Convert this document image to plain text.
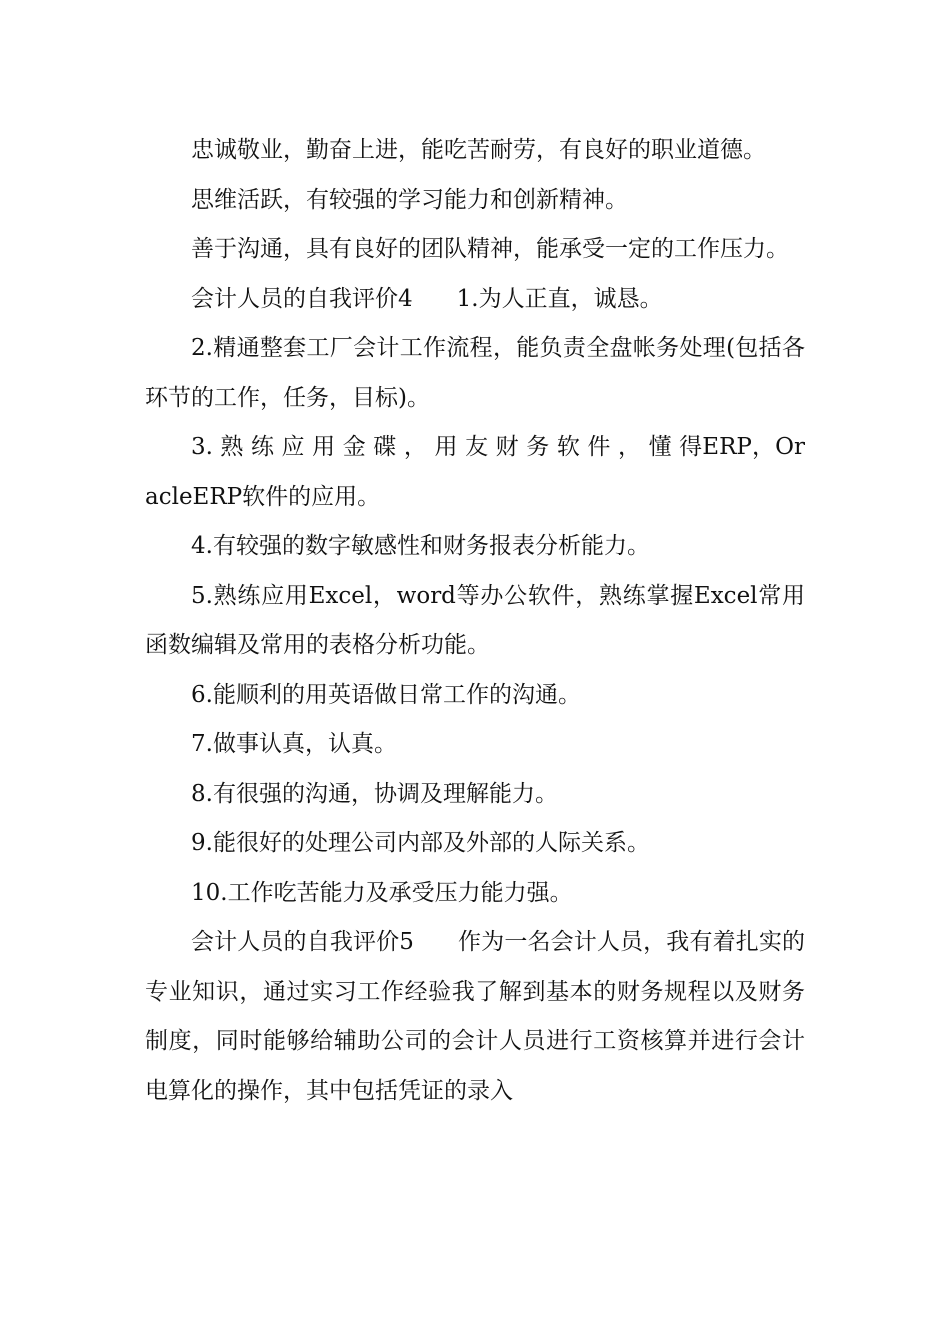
忠诚敬业，勤奋上进，能吃苦耐劳，有良好的职业道德。

思维活跃，有较强的学习能力和创新精神。

善于沟通，具有良好的团队精神，能承受一定的工作压力。

会计人员的自我评价4 1.为人正直，诚恳。

2.精通整套工厂会计工作流程，能负责全盘帐务处理(包括各环节的工作，任务，目标)。

3. 熟 练 应 用 金 碟 ， 用 友 财 务 软 件 ， 懂 得ERP，OracleERP软件的应用。

4.有较强的数字敏感性和财务报表分析能力。

5.熟练应用Excel，word等办公软件，熟练掌握Excel常用函数编辑及常用的表格分析功能。

6.能顺利的用英语做日常工作的沟通。

7.做事认真，认真。

8.有很强的沟通，协调及理解能力。

9.能很好的处理公司内部及外部的人际关系。

10.工作吃苦能力及承受压力能力强。

会计人员的自我评价5 作为一名会计人员，我有着扎实的专业知识，通过实习工作经验我了解到基本的财务规程以及财务制度，同时能够给辅助公司的会计人员进行工资核算并进行会计电算化的操作，其中包括凭证的录入
